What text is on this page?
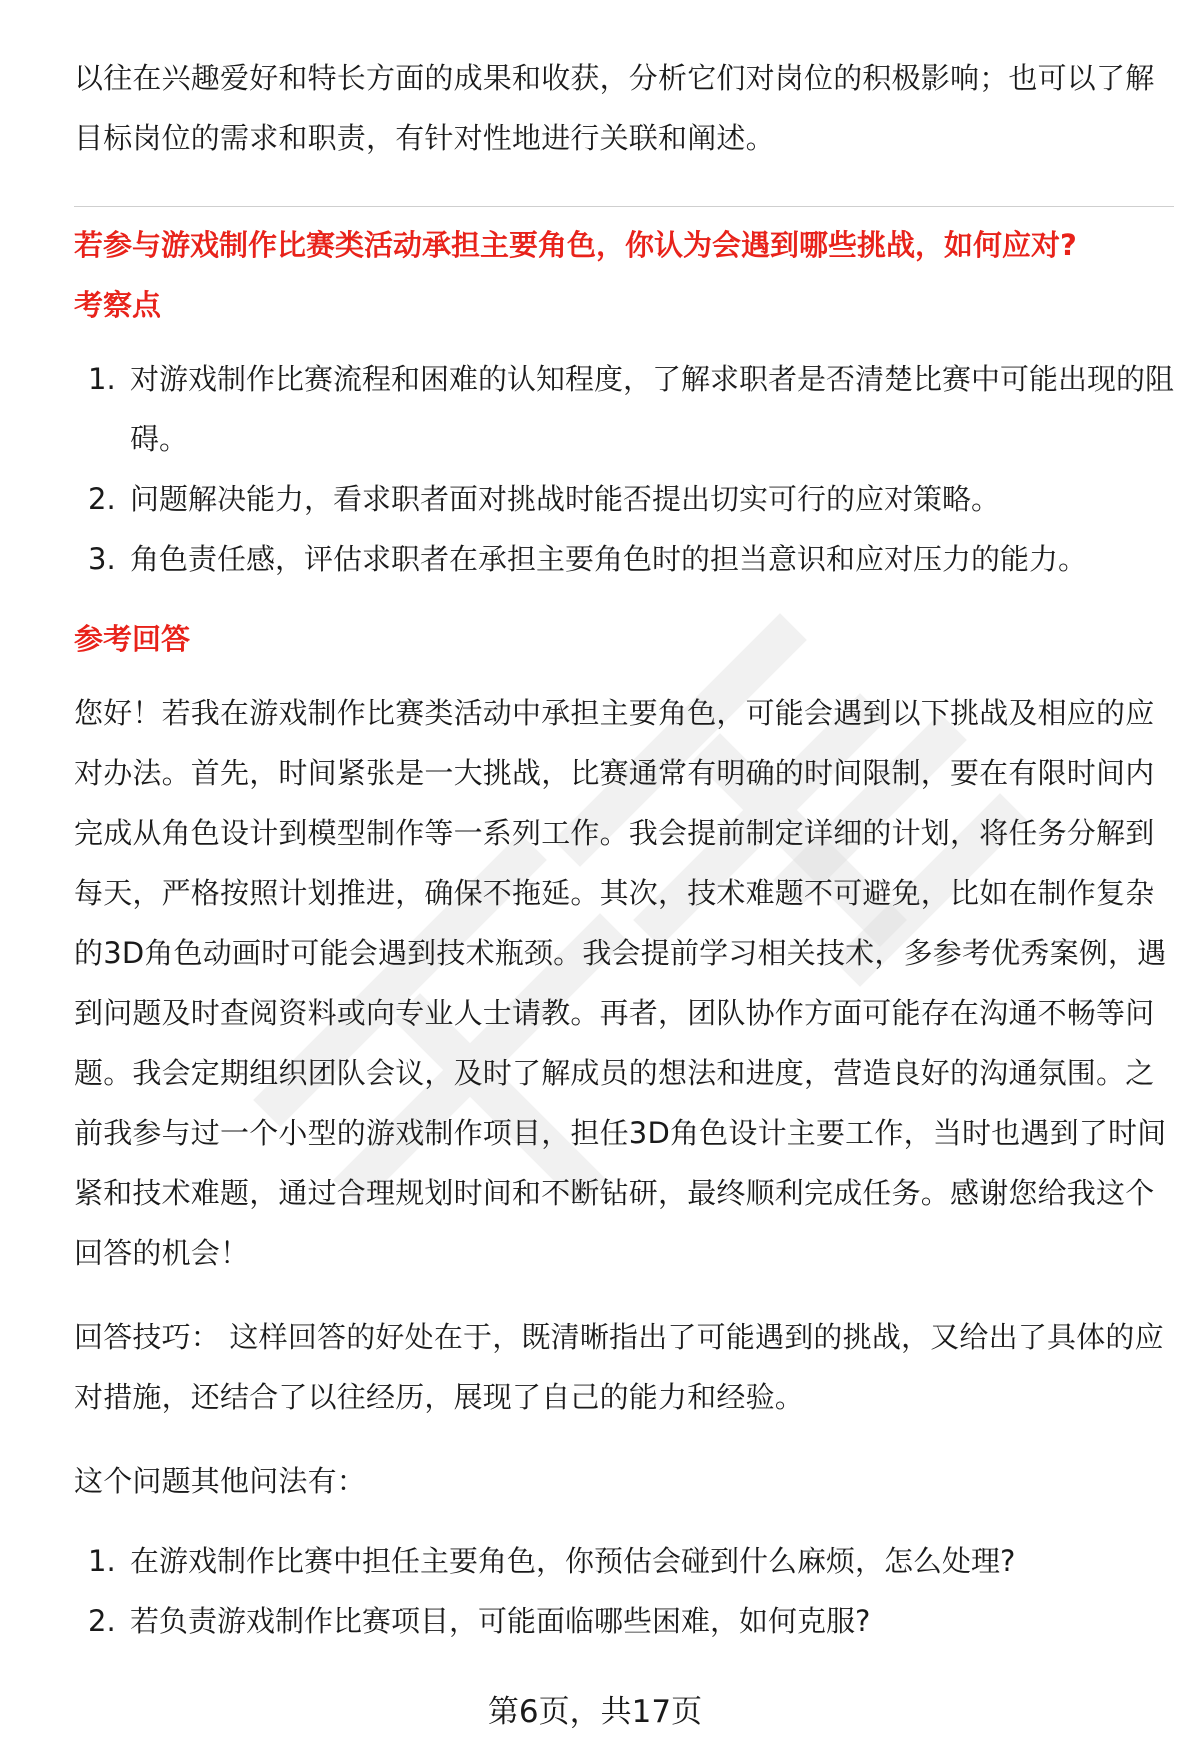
以往在兴趣爱好和特长方面的成果和收获，分析它们对岗位的积极影响；也可以了解目标岗位的需求和职责，有针对性地进行关联和阐述。

若参与游戏制作比赛类活动承担主要角色，你认为会遇到哪些挑战，如何应对?
考察点
1. 对游戏制作比赛流程和困难的认知程度，了解求职者是否清楚比赛中可能出现的阻碍。
2. 问题解决能力，看求职者面对挑战时能否提出切实可行的应对策略。
3. 角色责任感，评估求职者在承担主要角色时的担当意识和应对压力的能力。
参考回答

您好！若我在游戏制作比赛类活动中承担主要角色，可能会遇到以下挑战及相应的应对办法。首先，时间紧张是一大挑战，比赛通常有明确的时间限制，要在有限时间内完成从角色设计到模型制作等一系列工作。我会提前制定详细的计划，将任务分解到每天，严格按照计划推进，确保不拖延。其次，技术难题不可避免，比如在制作复杂的3D角色动画时可能会遇到技术瓶颈。我会提前学习相关技术，多参考优秀案例，遇到问题及时查阅资料或向专业人士请教。再者，团队协作方面可能存在沟通不畅等问题。我会定期组织团队会议，及时了解成员的想法和进度，营造良好的沟通氛围。之前我参与过一个小型的游戏制作项目，担任3D角色设计主要工作，当时也遇到了时间紧和技术难题，通过合理规划时间和不断钻研，最终顺利完成任务。感谢您给我这个回答的机会！

回答技巧： 这样回答的好处在于，既清晰指出了可能遇到的挑战，又给出了具体的应对措施，还结合了以往经历，展现了自己的能力和经验。

这个问题其他问法有：

1. 在游戏制作比赛中担任主要角色，你预估会碰到什么麻烦，怎么处理?
2. 若负责游戏制作比赛项目，可能面临哪些困难，如何克服?
第6页，共17页
